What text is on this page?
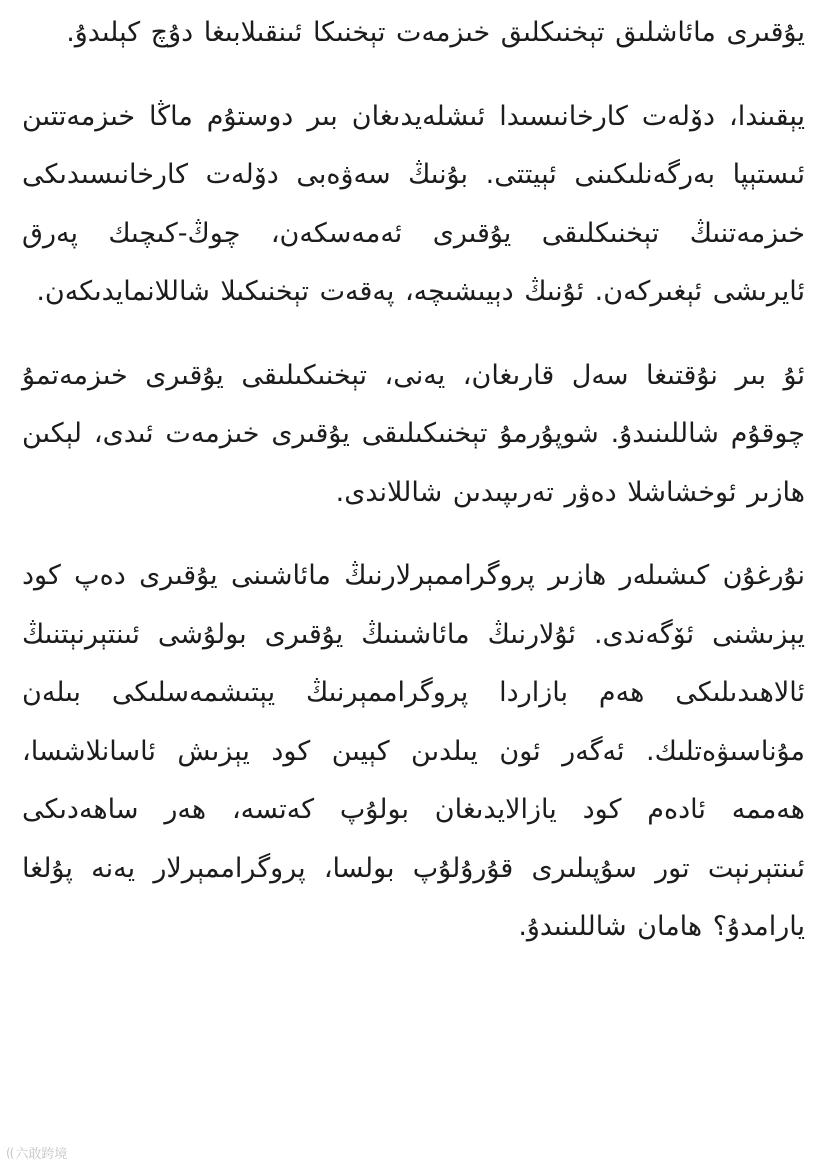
يۇقىرى مائاشلىق تېخنىكلىق خىزمەت تېخنىكا ئىنقىلابىغا دۇچ كېلىدۇ.

يېقىندا، دۆلەت كارخانىسىدا ئىشلەيدىغان بىر دوستۇم ماڭا خىزمەتتىن ئىستېپا بەرگەنلىكىنى ئېيتتى. بۇنىڭ سەۋەبى دۆلەت كارخانىسىدىكى خىزمەتنىڭ تېخنىكلىقى يۇقىرى ئەمەسكەن، چوڭ-كىچىك پەرق ئايرىشى ئېغىركەن. ئۇنىڭ دېيىشىچە، پەقەت تېخنىكىلا شاللانمايدىكەن.

ئۇ بىر نۇقتىغا سەل قارىغان، يەنى، تېخنىكىلىقى يۇقىرى خىزمەتمۇ چوقۇم شاللىنىدۇ. شوپۇرمۇ تېخنىكىلىقى يۇقىرى خىزمەت ئىدى، لېكىن ھازىر ئوخشاشلا دەۋر تەرىپىدىن شاللاندى.

نۇرغۇن كىشىلەر ھازىر پروگراممېرلارنىڭ مائاشىنى يۇقىرى دەپ كود يېزىشنى ئۆگەندى. ئۇلارنىڭ مائاشىنىڭ يۇقىرى بولۇشى ئىنتېرنېتنىڭ ئالاھىدىلىكى ھەم بازاردا پروگراممېرنىڭ يېتىشمەسلىكى بىلەن مۇناسىۋەتلىك. ئەگەر ئون يىلدىن كېيىن كود يېزىش ئاسانلاشسا، ھەممە ئادەم كود يازالايدىغان بولۇپ كەتسە، ھەر ساھەدىكى ئىنتېرنېت تور سۇپىلىرى قۇرۇلۇپ بولسا، پروگراممېرلار يەنە پۇلغا يارامدۇ؟ ھامان شاللىنىدۇ.

(( 六敢跨境
